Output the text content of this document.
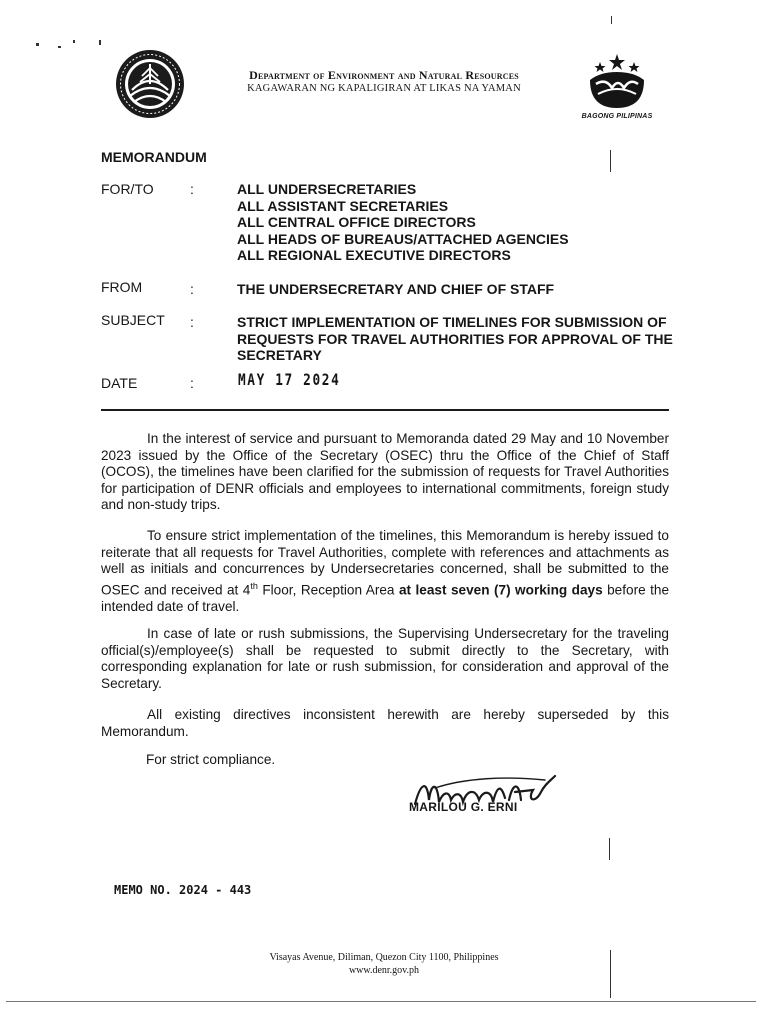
Department of Environment and Natural Resources
KAGAWARAN NG KAPALIGIRAN AT LIKAS NA YAMAN
BAGONG PILIPINAS
MEMORANDUM
FOR/TO	:	ALL UNDERSECRETARIES
ALL ASSISTANT SECRETARIES
ALL CENTRAL OFFICE DIRECTORS
ALL HEADS OF BUREAUS/ATTACHED AGENCIES
ALL REGIONAL EXECUTIVE DIRECTORS
FROM	:	THE UNDERSECRETARY AND CHIEF OF STAFF
SUBJECT :	STRICT IMPLEMENTATION OF TIMELINES FOR SUBMISSION OF REQUESTS FOR TRAVEL AUTHORITIES FOR APPROVAL OF THE SECRETARY
DATE	:	MAY 17 2024
In the interest of service and pursuant to Memoranda dated 29 May and 10 November 2023 issued by the Office of the Secretary (OSEC) thru the Office of the Chief of Staff (OCOS), the timelines have been clarified for the submission of requests for Travel Authorities for participation of DENR officials and employees to international commitments, foreign study and non-study trips.
To ensure strict implementation of the timelines, this Memorandum is hereby issued to reiterate that all requests for Travel Authorities, complete with references and attachments as well as initials and concurrences by Undersecretaries concerned, shall be submitted to the OSEC and received at 4th Floor, Reception Area at least seven (7) working days before the intended date of travel.
In case of late or rush submissions, the Supervising Undersecretary for the traveling official(s)/employee(s) shall be requested to submit directly to the Secretary, with corresponding explanation for late or rush submission, for consideration and approval of the Secretary.
All existing directives inconsistent herewith are hereby superseded by this Memorandum.
For strict compliance.
MARILOU G. ERNI
MEMO NO. 2024 - 443
Visayas Avenue, Diliman, Quezon City 1100, Philippines
www.denr.gov.ph
